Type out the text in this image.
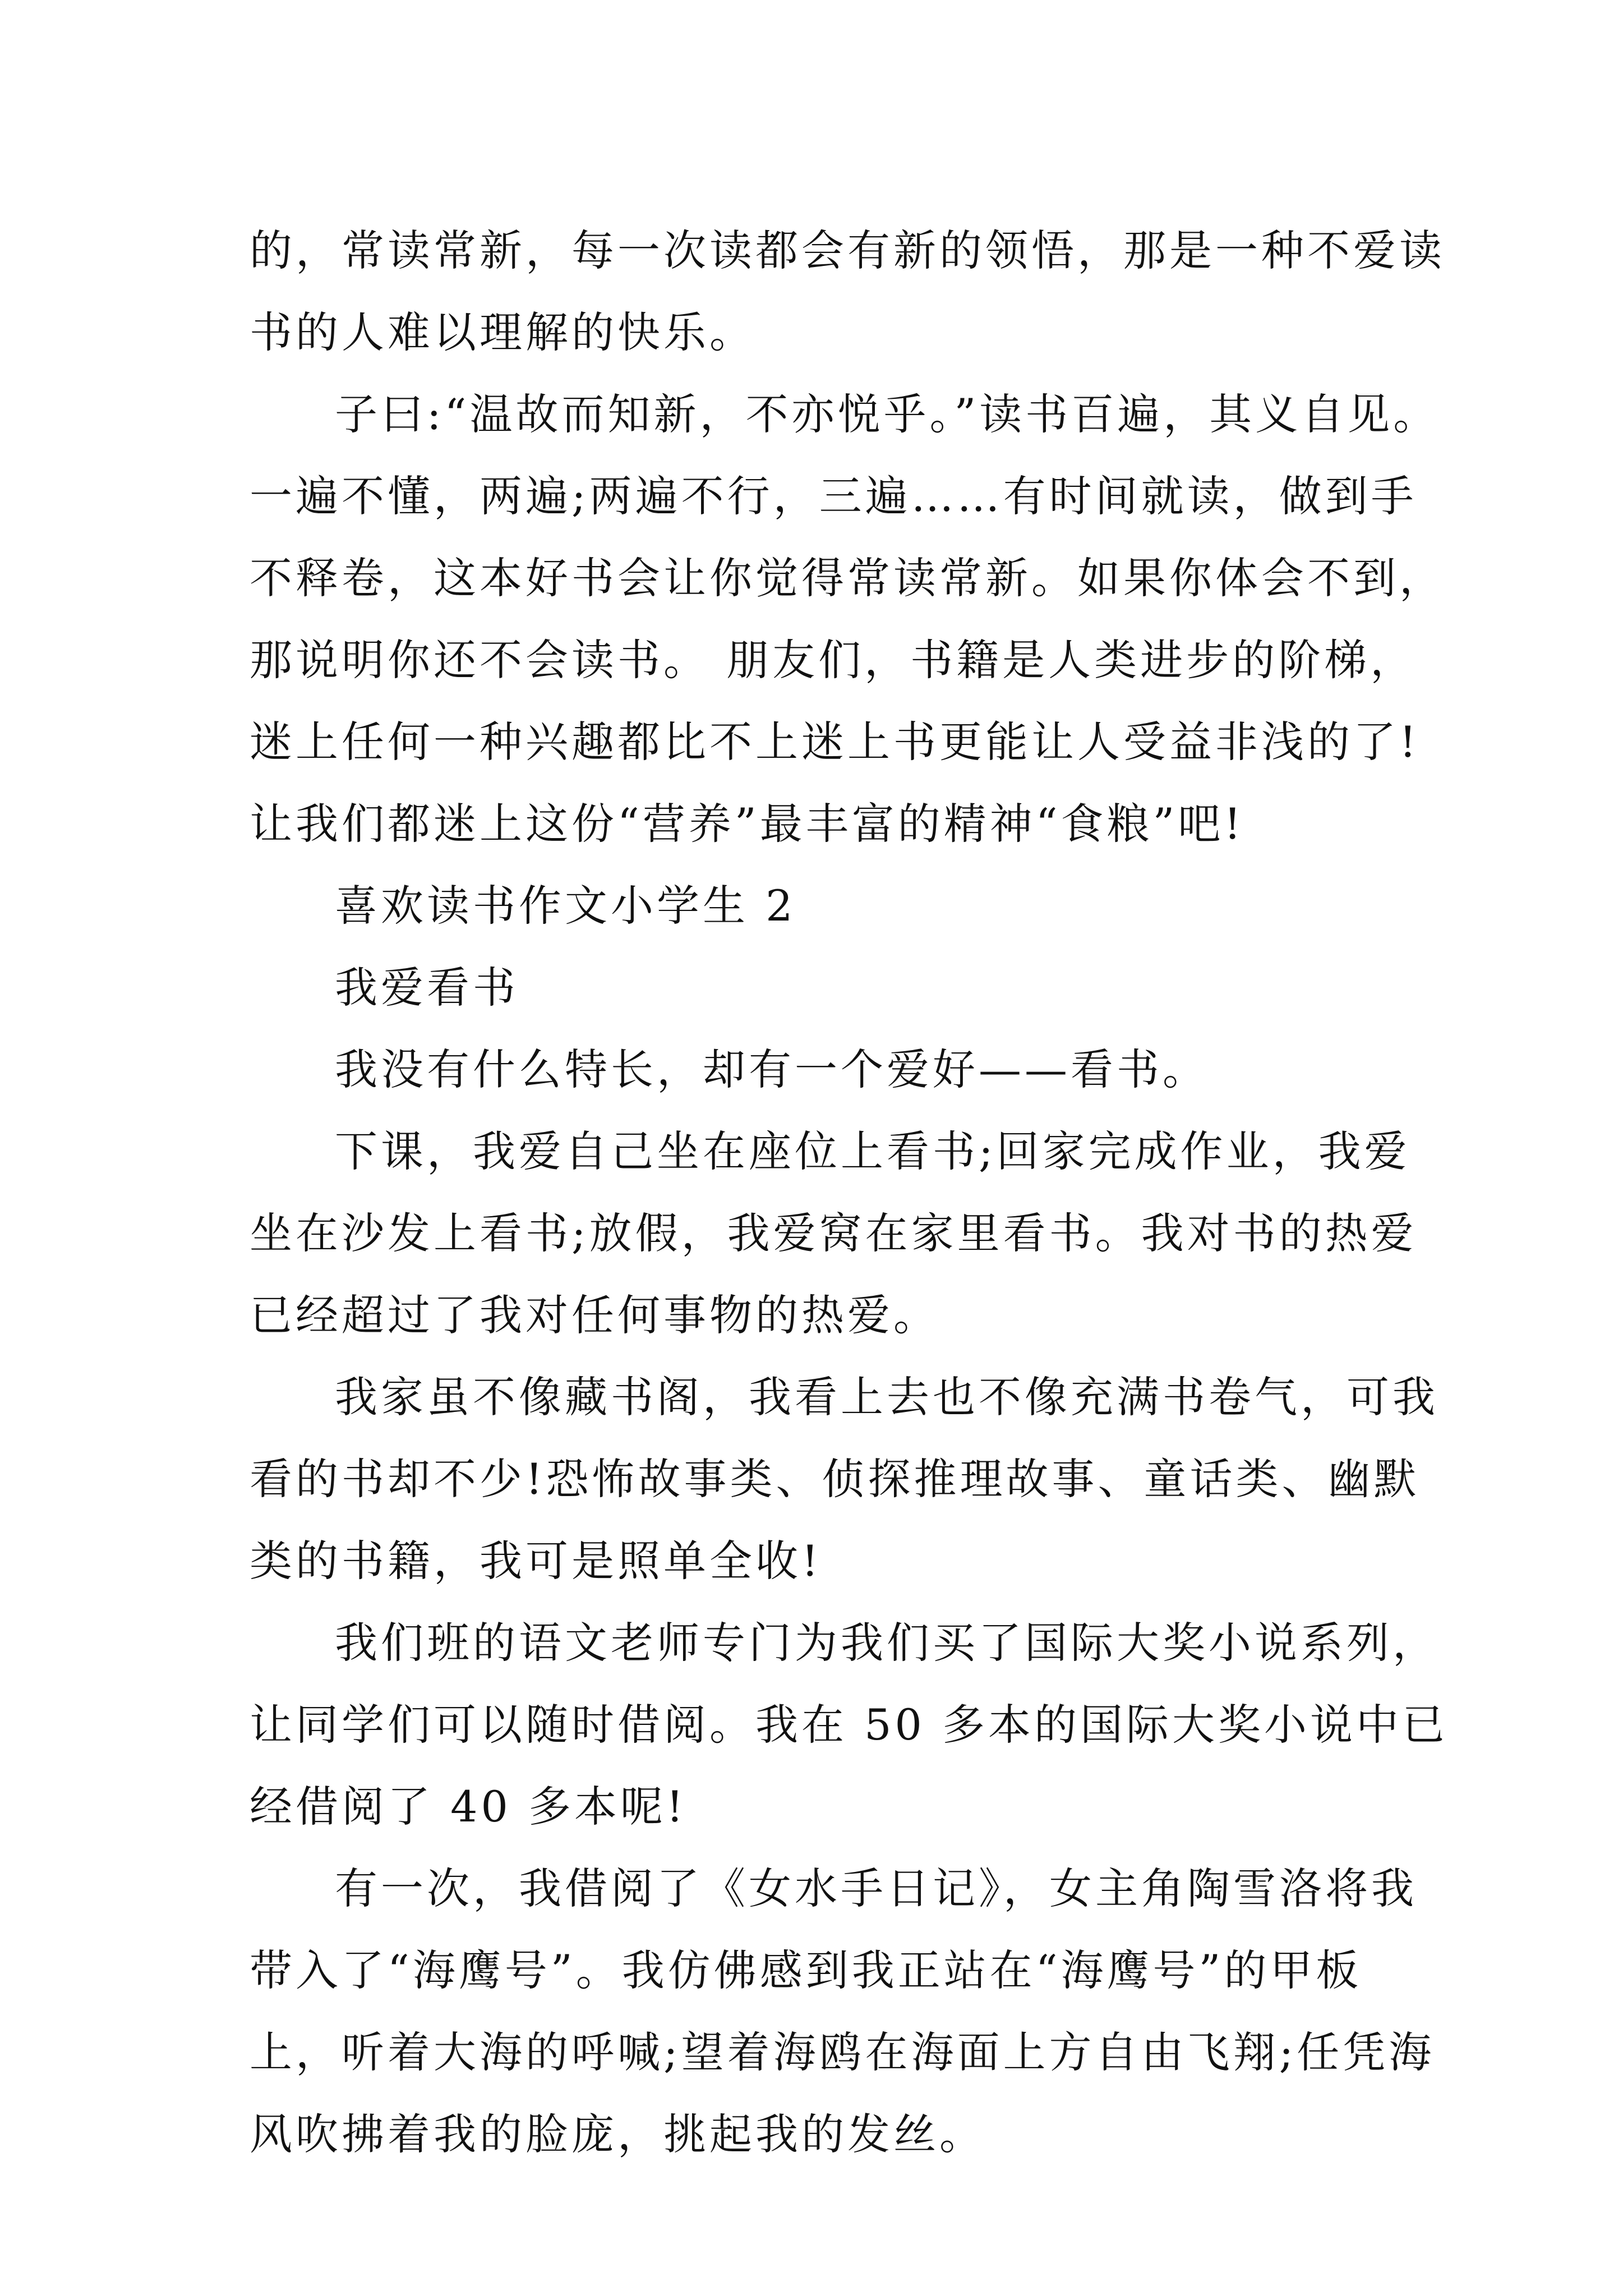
的，常读常新，每一次读都会有新的领悟，那是一种不爱读
书的人难以理解的快乐。
子曰:“温故而知新，不亦悦乎。”读书百遍，其义自见。
一遍不懂，两遍;两遍不行，三遍……有时间就读，做到手
不释卷，这本好书会让你觉得常读常新。如果你体会不到，
那说明你还不会读书。 朋友们，书籍是人类进步的阶梯，
迷上任何一种兴趣都比不上迷上书更能让人受益非浅的了!
让我们都迷上这份“营养”最丰富的精神“食粮”吧!
喜欢读书作文小学生 2
我爱看书
我没有什么特长，却有一个爱好——看书。
下课，我爱自己坐在座位上看书;回家完成作业，我爱
坐在沙发上看书;放假，我爱窝在家里看书。我对书的热爱
已经超过了我对任何事物的热爱。
我家虽不像藏书阁，我看上去也不像充满书卷气，可我
看的书却不少!恐怖故事类、侦探推理故事、童话类、幽默
类的书籍，我可是照单全收!
我们班的语文老师专门为我们买了国际大奖小说系列，
让同学们可以随时借阅。我在 50 多本的国际大奖小说中已
经借阅了 40 多本呢!
有一次，我借阅了《女水手日记》，女主角陶雪洛将我
带入了“海鹰号”。我仿佛感到我正站在“海鹰号”的甲板
上，听着大海的呼喊;望着海鸥在海面上方自由飞翔;任凭海
风吹拂着我的脸庞，挑起我的发丝。
